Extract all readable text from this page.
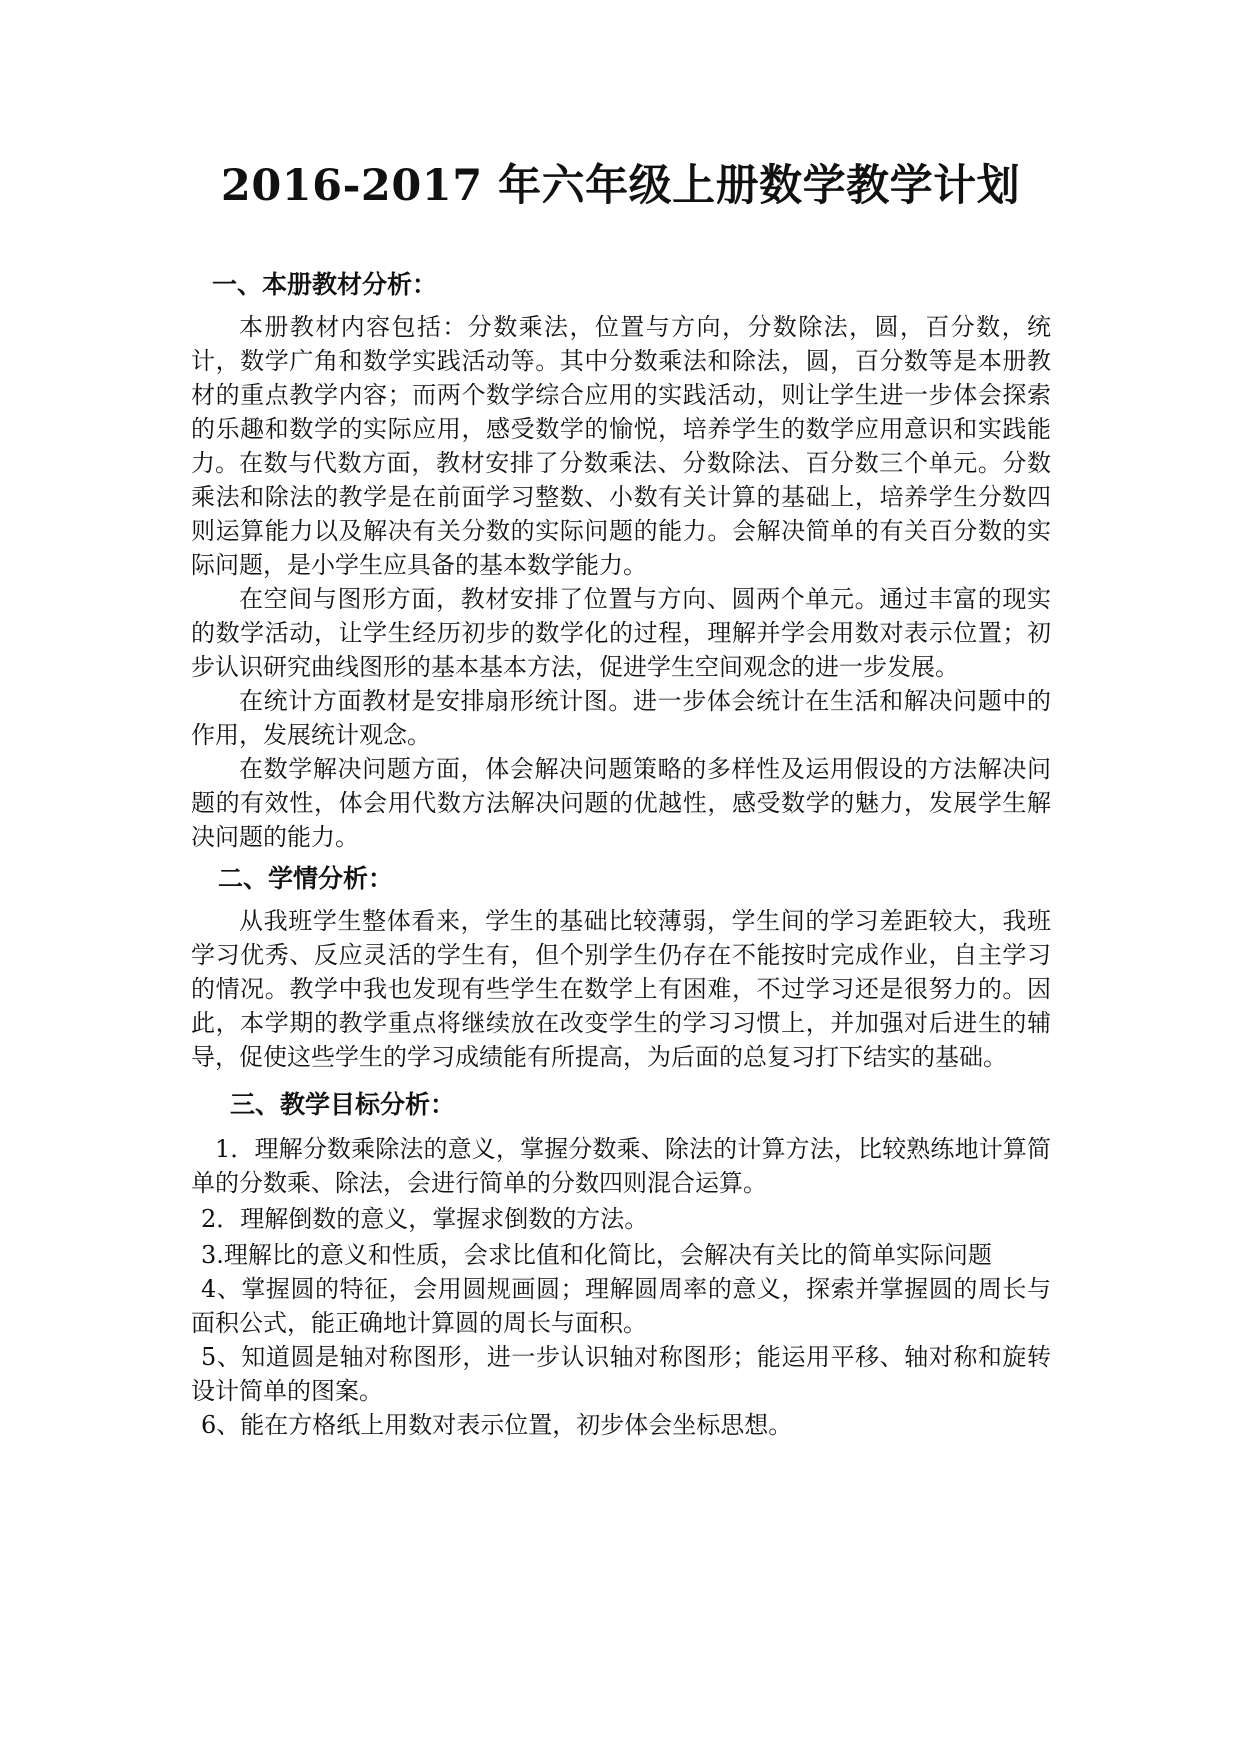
2016-2017 年六年级上册数学教学计划
一、本册教材分析：

本册教材内容包括：分数乘法，位置与方向，分数除法，圆，百分数，统计，数学广角和数学实践活动等。其中分数乘法和除法，圆，百分数等是本册教材的重点教学内容；而两个数学综合应用的实践活动，则让学生进一步体会探索的乐趣和数学的实际应用，感受数学的愉悦，培养学生的数学应用意识和实践能力。 在数与代数方面，教材安排了分数乘法、分数除法、百分数三个单元。分数乘法和除法的教学是在前面学习整数、小数有关计算的基础上，培养学生分数四则运算能力以及解决有关分数的实际问题的能力。会解决简单的有关百分数的实际问题，是小学生应具备的基本数学能力。

在空间与图形方面，教材安排了位置与方向、圆两个单元。通过丰富的现实的数学活动，让学生经历初步的数学化的过程，理解并学会用数对表示位置；初步认识研究曲线图形的基本基本方法，促进学生空间观念的进一步发展。

在统计方面教材是安排扇形统计图。进一步体会统计在生活和解决问题中的作用，发展统计观念。

在数学解决问题方面，体会解决问题策略的多样性及运用假设的方法解决问题的有效性，体会用代数方法解决问题的优越性，感受数学的魅力，发展学生解决问题的能力。

二、学情分析：

从我班学生整体看来，学生的基础比较薄弱，学生间的学习差距较大，我班学习优秀、反应灵活的学生有，但个别学生仍存在不能按时完成作业，自主学习的情况。教学中我也发现有些学生在数学上有困难，不过学习还是很努力的。因此，本学期的教学重点将继续放在改变学生的学习习惯上，并加强对后进生的辅导，促使这些学生的学习成绩能有所提高，为后面的总复习打下结实的基础。

三、教学目标分析：

1．理解分数乘除法的意义，掌握分数乘、除法的计算方法，比较熟练地计算简单的分数乘、除法，会进行简单的分数四则混合运算。

2．理解倒数的意义，掌握求倒数的方法。

3.理解比的意义和性质，会求比值和化简比，会解决有关比的简单实际问题

4、掌握圆的特征，会用圆规画圆；理解圆周率的意义，探索并掌握圆的周长与面积公式，能正确地计算圆的周长与面积。

5、知道圆是轴对称图形，进一步认识轴对称图形；能运用平移、轴对称和旋转设计简单的图案。

6、能在方格纸上用数对表示位置，初步体会坐标思想。
